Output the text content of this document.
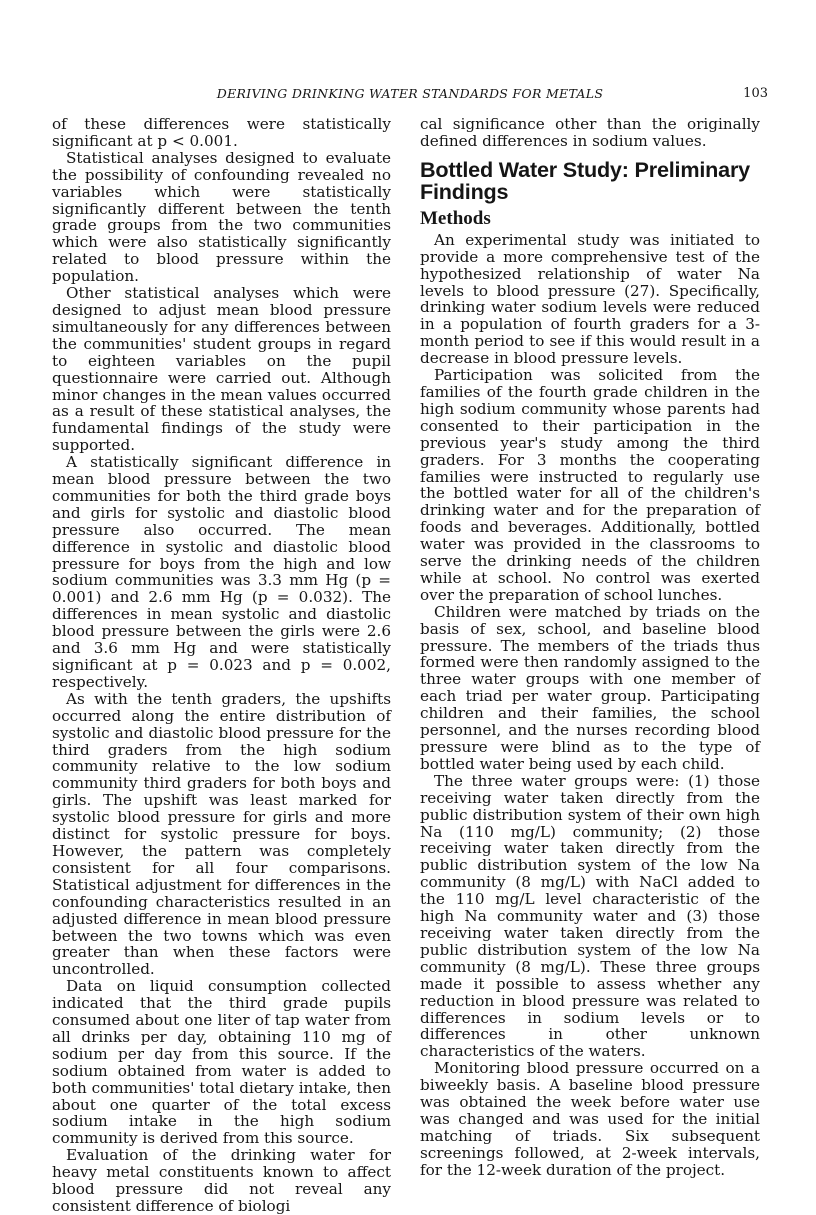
DERIVING DRINKING WATER STANDARDS FOR METALS	103

of these differences were statistically significant at p < 0.001.

Statistical analyses designed to evaluate the possibility of confounding revealed no variables which were statistically significantly different between the tenth grade groups from the two communities which were also statistically significantly related to blood pressure within the population.

Other statistical analyses which were designed to adjust mean blood pressure simultaneously for any differences between the communities' student groups in regard to eighteen variables on the pupil questionnaire were carried out. Although minor changes in the mean values occurred as a result of these statistical analyses, the fundamental findings of the study were supported.

A statistically significant difference in mean blood pressure between the two communities for both the third grade boys and girls for systolic and diastolic blood pressure also occurred. The mean difference in systolic and diastolic blood pressure for boys from the high and low sodium communities was 3.3 mm Hg (p = 0.001) and 2.6 mm Hg (p = 0.032). The differences in mean systolic and diastolic blood pressure between the girls were 2.6 and 3.6 mm Hg and were statistically significant at p = 0.023 and p = 0.002, respectively.

As with the tenth graders, the upshifts occurred along the entire distribution of systolic and diastolic blood pressure for the third graders from the high sodium community relative to the low sodium community third graders for both boys and girls. The upshift was least marked for systolic blood pressure for girls and more distinct for systolic pressure for boys. However, the pattern was completely consistent for all four comparisons. Statistical adjustment for differences in the confounding characteristics resulted in an adjusted difference in mean blood pressure between the two towns which was even greater than when these factors were uncontrolled.

Data on liquid consumption collected indicated that the third grade pupils consumed about one liter of tap water from all drinks per day, obtaining 110 mg of sodium per day from this source. If the sodium obtained from water is added to both communities' total dietary intake, then about one quarter of the total excess sodium intake in the high sodium community is derived from this source.

Evaluation of the drinking water for heavy metal constituents known to affect blood pressure did not reveal any consistent difference of biologi

cal significance other than the originally defined differences in sodium values.

Bottled Water Study: Preliminary Findings
Methods

An experimental study was initiated to provide a more comprehensive test of the hypothesized relationship of water Na levels to blood pressure (27). Specifically, drinking water sodium levels were reduced in a population of fourth graders for a 3-month period to see if this would result in a decrease in blood pressure levels.

Participation was solicited from the families of the fourth grade children in the high sodium community whose parents had consented to their participation in the previous year's study among the third graders. For 3 months the cooperating families were instructed to regularly use the bottled water for all of the children's drinking water and for the preparation of foods and beverages. Additionally, bottled water was provided in the classrooms to serve the drinking needs of the children while at school. No control was exerted over the preparation of school lunches.

Children were matched by triads on the basis of sex, school, and baseline blood pressure. The members of the triads thus formed were then randomly assigned to the three water groups with one member of each triad per water group. Participating children and their families, the school personnel, and the nurses recording blood pressure were blind as to the type of bottled water being used by each child.

The three water groups were: (1) those receiving water taken directly from the public distribution system of their own high Na (110 mg/L) community; (2) those receiving water taken directly from the public distribution system of the low Na community (8 mg/L) with NaCl added to the 110 mg/L level characteristic of the high Na community water and (3) those receiving water taken directly from the public distribution system of the low Na community (8 mg/L). These three groups made it possible to assess whether any reduction in blood pressure was related to differences in sodium levels or to differences in other unknown characteristics of the waters.

Monitoring blood pressure occurred on a biweekly basis. A baseline blood pressure was obtained the week before water use was changed and was used for the initial matching of triads. Six subsequent screenings followed, at 2-week intervals, for the 12-week duration of the project.
